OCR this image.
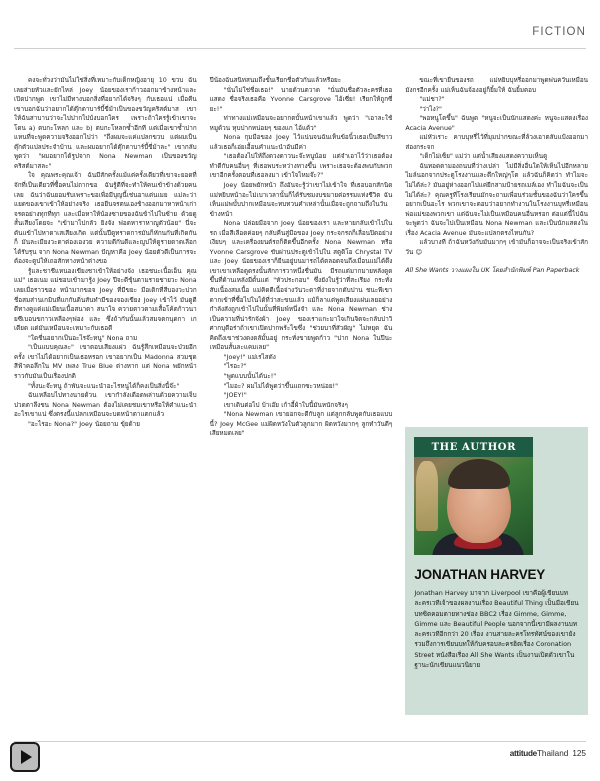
FICTION

คงจะทั่วงว่ามันไม่ใช่สิ่งที่เหมาะกับเด็กหญิงอายุ 10 ขวบ ฉันเลยส่ายหัวและยักไหล่ Joey น้อยของเราก้าวออกมาข้างหน้าและเปิดปากพูด เขาไม่มีทางบอกสิ่งที่อยากได้จริงๆ กับเธอแน่ เมื่อคืนเขาบอกฉันว่าอยากได้ตุ๊กตาบาร์บี้ขี่ม้าเป็นของขวัญคริสต์มาส เขาให้ฉันสาบานว่าจะไปปากไปบ้งบอกใคร เพราะถ้าใครรู้เข้าเขาจะโดน a) ตบกะโหลก และ b) ตบกะโหลกซ้ำอีกที แต่เมื่อเขาซ้ำปากแหนที่จะพูดความจริงออกไปว่า "ถึงผมจะแค่แปลกขวบ แต่ผมเป็นตุ๊กตัวแปลประจำบ้าน และผมอยากได้ตุ๊กตาบาร์บี้ขี่ม้าละ" เขากลับพูดว่า "ผมอยากได้รูปจาก Nona Newman เป็นของขวัญคริสต์มาสละ"

ใจ คุณพระคุณเจ้า ฉันมีสักครั้งแม้แต่ครั้งเดียวที่เขาจะยอดที่จักที่เป็นเดียวที่ซื้อคนไม่ถากขอ ฉันรู้ดีที่จะทำให้คนเข้าข้างด้วยคนเลย ฉันว่าฉันยอมรับเพราะขอเพื่อมีบุญนี้เช่นอาแต่นเมย แม่ละว่าแยดของเขาเข้าให้อย่างจริง เธอยืนจรตนเองช้างออกมาหาหน้าเก่าจรดอย่างทุกที่ทุก และเมื่อหาให้น้องซายของฉันข้าไปในซ้าย ด้วยดูสั้นเสียงโดยจะ "เข้ามาไปกลัว ยิงจัง ฟอดหาราหาญูตัวน้อย" นี่จะดันแข้าไปหาดาเสเสียงเกิด แต่นั้นปีดูทราดการมันก็หักนกันที่เกิดกันก็ มันละเมียงวะดาต่องเองวย ความดีกันดีและญูปให้ดูรายดาดเลือกได้รับรุน จาก Nona Newman ปัญหาคือ Joey น้อยตัวดีเป็นการจะต้องจะตูปให้เถอสักทางหน้าต่างขอ

รู้และชาชีแหนองเขียงชาเข้าให้อย่างจัง เธอชนะเนื้อเอ็น คุณแม่" เธอเนม แม่ชอบเข้ามารู้ง Joey ปีจะดีชุ้นตามรายชายวะ Nona เลยเมื่อราวของ หน้ามากขอจ Joey ที่มีขยะ มือเดิกที่สืบองวะปวกชื่อสมส่านเกมินที่แกกันดิ่นสันทำมีของจองเขียง Joey เข้าไว้ มันดูดีดีทางคูแต่แม่เมียนเนื้อสนาดา สนาใจ ควายตาวตามเสื้อโค้ตก้าวนายซีเบอนขกาวเหลืองๆฟอง และ ซึ่งถ้ากันนั้นแล้วสมจตกนุดกา เกเดียด แต่มันเหมือนจะเหมาะกับเธอดี

"ใดชื่นอยากเป็นอะไรจ๊ะหนู" Nona ถาม

"เป็นแบบคุณละ" เขาตอบเสียงแผ่ว ฉันรู้สึกเหมือนจะป่วยอีกครั้ง เขาไม่ได้อยากเป็นเธอหรอก เขาอยากเป็น Madonna สวมชุดสีฟ้าคอลึกใน MV เพลง True Blue ต่างหาก แต่ Nona พยักหน้าราวกับมันเป็นเรื่องปกติ

"ทั้งนะจ๊ะหนู ถ้าพันจะแนะนำอะไรหนูได้ก็คงเป็นสิ่งนี้จ๊ะ"

ฉันเหลือบไปทางนายด้วน เขากำลังเดือดพล่านด้วยความเจ็บปวดตาลึงชน Nona Newman ต้องไม่เคยชมเขาหรือให้คำแนะนำอะไรเขาแน่ ซึ่งตรงนี้แปลกเหมือนจะบดหน้าตาแตกแล้ว

"อะไรอะ Nona?" Joey น้อยถาม ขุ้ยด้าย

ปีน้องฉันสนิทสนมถึงขั้นเรียกชื่อตัวกันแล้วหรือยะ

"นั่นไม่ใช่ชื่อเธอ!" นายด้วนตวาด "นั่นมันชื่อตัวละครที่เธอแสดง ชื่อจริงเธอคือ Yvonne Carsgrove ไอ้เซี่ย! เรียกให้ถูกซี่ยะ!"

ท่าทางแม่เหมือนจะอยากตบั้นหน้าเขาแล้ว พูดว่า "เอาละใช้หมูด้วน หุบปากหน่อยๆ ของแก ไอ้แต้ว"

Nona กุมมือของ Joey ไว้แน่นจนฉันเห็นข้อนิ้วเธอเป็นสีขาว แล้วเธอก็เอ่ยเอื้อนคำแนะนำอันมีค่า

"เธอต้องไปให้ถึงดวงดาวนะจ๊ะหนูน้อย แต่จำเอาไว้ว่าเธอต้องทำดีกับคนอื่นๆ ที่เธอพบระหว่างทางขึ้น เพราะเธอจะต้องพบกับพวกเขาอีกครั้งตอนที่เธอลงมา เข้าใจไหมจ๊ะ?"

Joey น้อยพยักหน้า ถึงอันจะรู้ว่าเขาไม่เข้าใจ ที่เธอบอกสักนิด แม่หยิบหน้าอะไม่เบาเวลานั้นก็ได้รับชมงบขมายต่อรรมแห่งชีวิต ฉันเห็นแม่พบั้บปากเหมือนจะทบทวนคำเหล่านั้นเมื่อจะถูกถามถึงในวันข้างหน้า

Nona ปล่อยมือจาก Joey น้อยของเรา และหายกลับเข้าไปในรถ เมื่อสีเลือดค่อยๆ กลับคืนสู่มือของ Joey กระจกรถก็เลื่อนปิดอย่างเงียบๆ และเครื่องยนต์รถก็ติดขึ้นอีกครั้ง Nona Newman หรือ Yvonne Carsgrove ขับผ่านประตูเข้าไปใน สตูดิโอ Chrystal TV และ Joey น้อยของเราก็ยืนอยู่บนมารถได้ตลอดจนถึงเมื่อนแม่ได้ดึงเขาเขาเหลือดูดรงนั้นสักการวาหนึ่งชื่นมัน มีรถแต่มากมายหลังดูดขึ้นที่ด้านเหลังมีดั้นแต่ "หัวประกอบ" ซึ่งยังในรู้ว่าที่สะเรียง กระทั่งสับเนื้องสมเนื้อ แม่คิดดีเนื้อจ่างวันวะดาที่ง่ายจากดับปาน ชนะพีเขาดากเข้าที่ซื้อไปในได้ที่ว่าสะขนแล้ว แม้ก็ลาแต่พูดเสียงแผ่นเลยอย่างกำลังสังถูกเข้าไปในนั้นที่พิมพ์หนึ่งจำ และ Nona Newman ช่างเป็นความที่น่ารักจังผ้า Joey ของเราแกะมาใจเกินจิตจะกลับปาวิศากบุดีอร่าถ้าเขาเปิดปากพร้ะไขซึ่ง "ช่วยบาที่สัวผัญ" ไม่หยุด ฉันคิดถึงเขาช่วงดงดลัมั้นอยู่ กระทั่งขายพูดก้าว "ปาก Nona ในปีนะ เหมือนสั้นละแคมเลย"

"Joey!" แม่เรไสดัง

"ไรอะ?"

"พูดแบบนั้นได้นะ!"

"ไมอะ? ผมไม่ได้พูดว่าขึ้นแถกซะวหน่อย!"

"JOEY!"

เขาเดินต่อไป บ้าเอ๊ย เก้าอี้ผ้าใบนี้มันหนักจริงๆ

"Nona Newman เขายอกจะดีกับลูก แต่ลูกกลับพูดกับเธอแบบนี้? Joey McGee แม่ผิดหวังในตัวลูกมาก ผิดหวังมากๆ ลูกทำวันดีๆ เสียหมดเลย"

ขณะที่เขายืนของรถ แม่หยิบบุหรี่ออกมาพูดพ่นควันเหมือนมังกรอีกครั้ง แม่เห็นฉันจ้องอยู่ก็ยิ้มให้ ฉันยิ้มตอบ

"แม่ชา?"

"ว่าไง?"

"พอหนูโตขึ้น" ฉันพูด "หนูจะเป็นนักแสดงค่ะ หนูจะแสดงเรื่อง Acacia Avenue"

แม่หัวเราะ คาบบุหรี่ไว้ที่มุมปากขณะที่ล้วงเอาตลับแป้งออกมาส่องกระจก

"เด็กไม่เซ็ย" แม่ว่า แต่น้ำเสียงแสดงความเห็นดู

ฉันทอดตามองถนนที่ว่างเปล่า ไม่มีสิ่งอื่นใดให้เห็นไปอีกหลายไมล์นอกจากประตูโรงงานและตึกใหญ่ๆโต แล้วฉันก็คิดว่า ทำไมจะไม่ได้ล่ะ? มันอยู่ห่างออกไปแค่ยีกสามป้ายรถเมล์เอง ทำไมฉันจะเป็นไม่ได้ล่ะ? คุณครูที่โรงเรียนมักจะถามเพื่อนร่วมชั้นของฉันว่าใครขึ้นอยากเป็นอะไร พวกเขาจะตอบว่าอยากทำงานในโรงงานบุหรี่เหมือนพ่อแม่ของพวกเขา แต่ฉันจะไม่เป็นเหมือนคนอื่นหรอก ต่อแต่นี้ไปฉันจะพูดว่า ฉันจะไปเป็นเหมือน Nona Newman และเป็นนักแสดงในเรื่อง Acacia Avenue มันจะแปลกตรงไหนกัน?

แล้วบางที ถ้าฉันหวังกับมันมากๆ เข้ามันก็อาจจะเป็นจริงเข้าสักวัน ☺

All She Wants วางแผงใน UK โดยสำนักพิมพ์ Pan Paperback

THE AUTHOR
JONATHAN HARVEY
Jonathan Harvey มาจาก Liverpool เขาคือผู้เขียนบทละครเวทีเจ้าของผลงานเรื่อง Beautiful Thing เป็นมือเขียนบทซิตคอมตายทางช่อง BBC2 เรื่อง Gimme, Gimme, Gimme และ Beautiful People นอกจากนี้เขามีผลงานบทละครเวทีอีกกว่า 20 เรื่อง งานสายละครโทรทัศน์ของเขายังรวมถึงการเขียนบทให้กับครอบละครฮิตเรื่อง Coronation Street หนังสือเรื่อง All She Wants เป็นงานเปิดตัวเขาในฐานะนักเขียนแนวนิยาย
attitudeThailand 125
